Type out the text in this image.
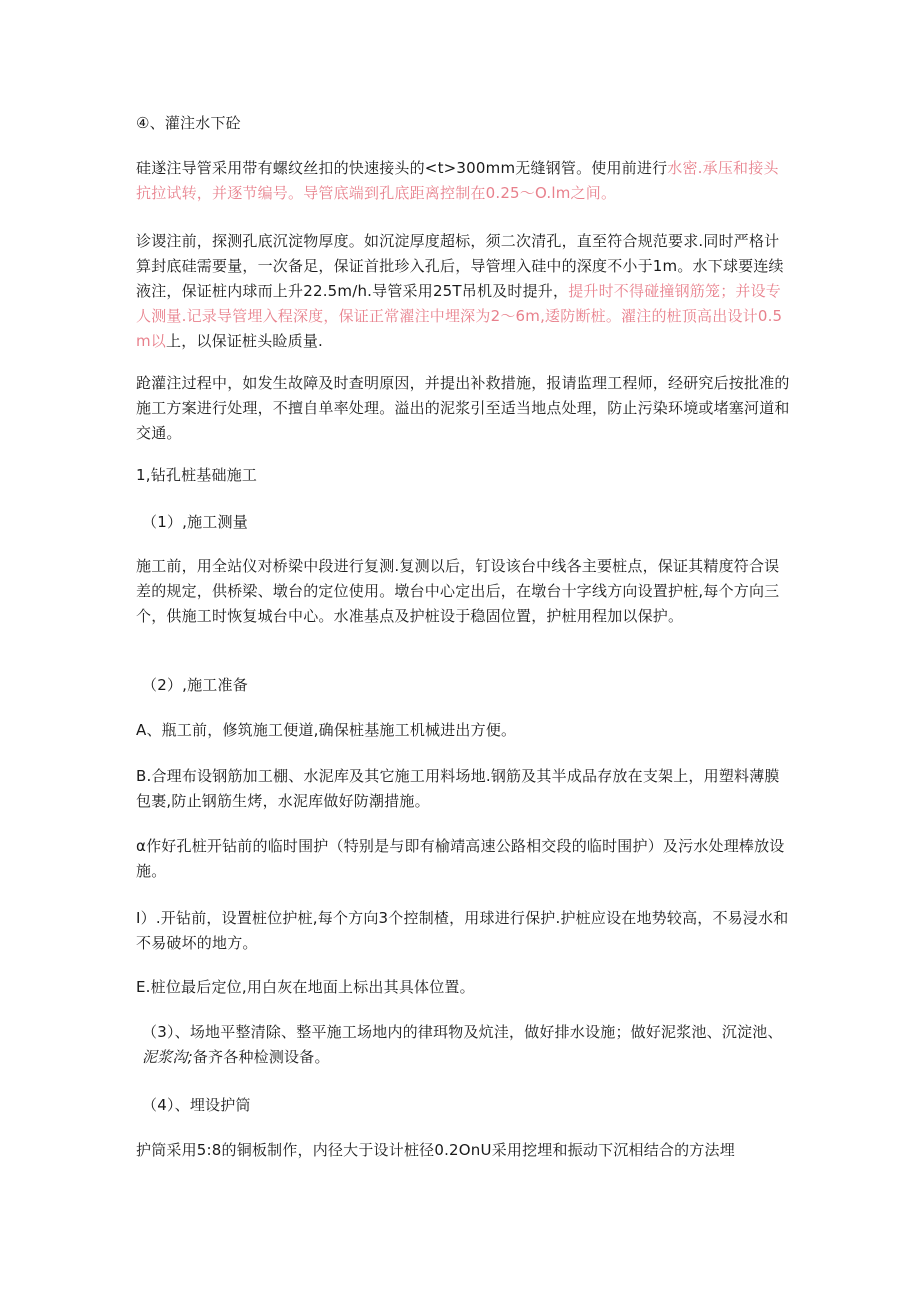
④、灌注水下砼

硅遂注导管采用带有螺纹丝扣的快速接头的<t>300mm无缝钢管。使用前进行水密.承压和接头抗拉试转，并逐节编号。导管底端到孔底距离控制在0.25〜O.lm之间。

诊谡注前，探测孔底沉淀物厚度。如沉淀厚度超标，须二次清孔，直至符合规范要求.同时严格计算封底硅需要量，一次备足，保证首批珍入孔后，导管埋入硅中的深度不小于1m。水下球要连续液注，保证桩内球而上升22.5m∕h.导管采用25T吊机及时提升，提升时不得碰撞钢筋笼；并设专人测量.记录导管埋入程深度，保证正常濯注中埋深为2〜6m,逶防断桩。濯注的桩顶高出设计0.5m以上，以保证桩头睑质量.

跄灌注过程中，如发生故障及时查明原因，并提出补救措施，报请监理工程师，经研究后按批准的施工方案进行处理，不擅自单率处理。溢出的泥浆引至适当地点处理，防止污染环境或堵塞河道和交通。

1,钻孔桩基础施工

（1）,施工测量

施工前，用全站仪对桥梁中段进行复测.复测以后，钉设该台中线各主要桩点，保证其精度符合误差的规定，供桥梁、墩台的定位使用。墩台中心定出后，在墩台十字线方向设置护桩,每个方向三个，供施工时恢复城台中心。水准基点及护桩设于稳固位置，护桩用程加以保护。

（2）,施工准备

A、瓶工前，修筑施工便道,确保桩基施工机械进出方便。

B.合理布设钢筋加工棚、水泥库及其它施工用料场地.钢筋及其半成品存放在支架上，用塑料薄膜包裹,防止钢筋生烤，水泥库做好防潮措施。

α作好孔桩开钻前的临时围护（特别是与即有榆靖高速公路相交段的临时围护）及污水处理棒放设施。

I）.开钻前，设置桩位护桩,每个方向3个控制楂，用球进行保护.护桩应设在地势较高，不易浸水和不易破坏的地方。

E.桩位最后定位,用白灰在地面上标出其具体位置。

（3）、场地平整清除、整平施工场地内的律珥物及炕洼，做好排水设施；做好泥浆池、沉淀池、泥浆沟;备齐各种检测设备。

（4）、埋设护筒

护筒采用5:8的铜板制作，内径大于设计桩径0.2OnU采用挖埋和振动下沉相结合的方法埋
